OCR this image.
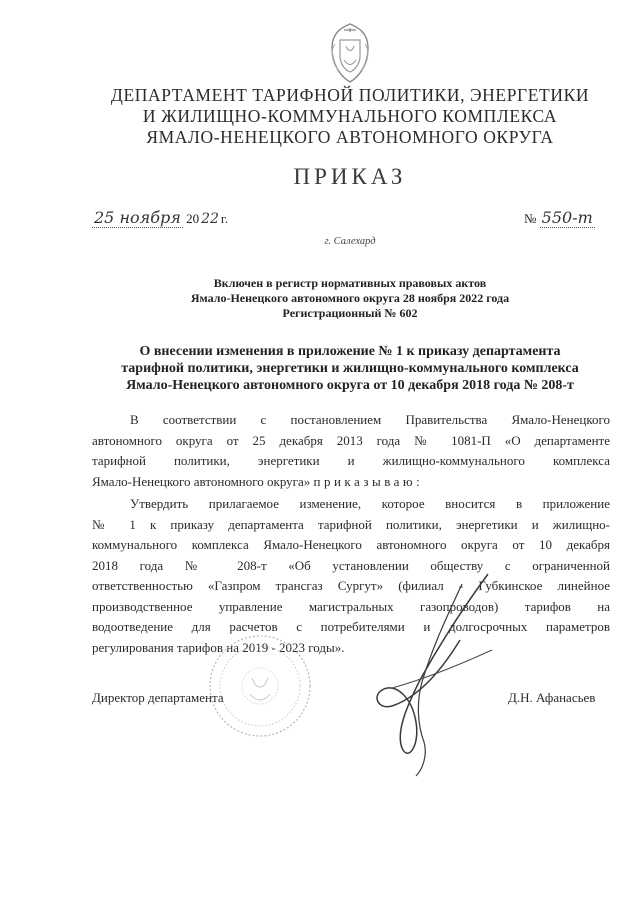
ДЕПАРТАМЕНТ ТАРИФНОЙ ПОЛИТИКИ, ЭНЕРГЕТИКИ
И ЖИЛИЩНО-КОММУНАЛЬНОГО КОМПЛЕКСА
ЯМАЛО-НЕНЕЦКОГО АВТОНОМНОГО ОКРУГА
ПРИКАЗ
25 ноября 20 22 г.	№ 550-т
г. Салехард
Включен в регистр нормативных правовых актов
Ямало-Ненецкого автономного округа 28 ноября 2022 года
Регистрационный № 602
О внесении изменения в приложение № 1 к приказу департамента
тарифной политики, энергетики и жилищно-коммунального комплекса
Ямало-Ненецкого автономного округа от 10 декабря 2018 года № 208-т
В соответствии с постановлением Правительства Ямало-Ненецкого
автономного округа от 25 декабря 2013 года № 1081-П «О департаменте
тарифной политики, энергетики и жилищно-коммунального комплекса
Ямало-Ненецкого автономного округа» приказываю:
Утвердить прилагаемое изменение, которое вносится в приложение
№ 1 к приказу департамента тарифной политики, энергетики и жилищно-
коммунального комплекса Ямало-Ненецкого автономного округа от 10 декабря
2018 года № 208-т «Об установлении обществу с ограниченной
ответственностью «Газпром трансгаз Сургут» (филиал - Губкинское линейное
производственное управление магистральных газопроводов) тарифов на
водоотведение для расчетов с потребителями и долгосрочных параметров
регулирования тарифов на 2019 - 2023 годы».
Директор департамента	Д.Н. Афанасьев
